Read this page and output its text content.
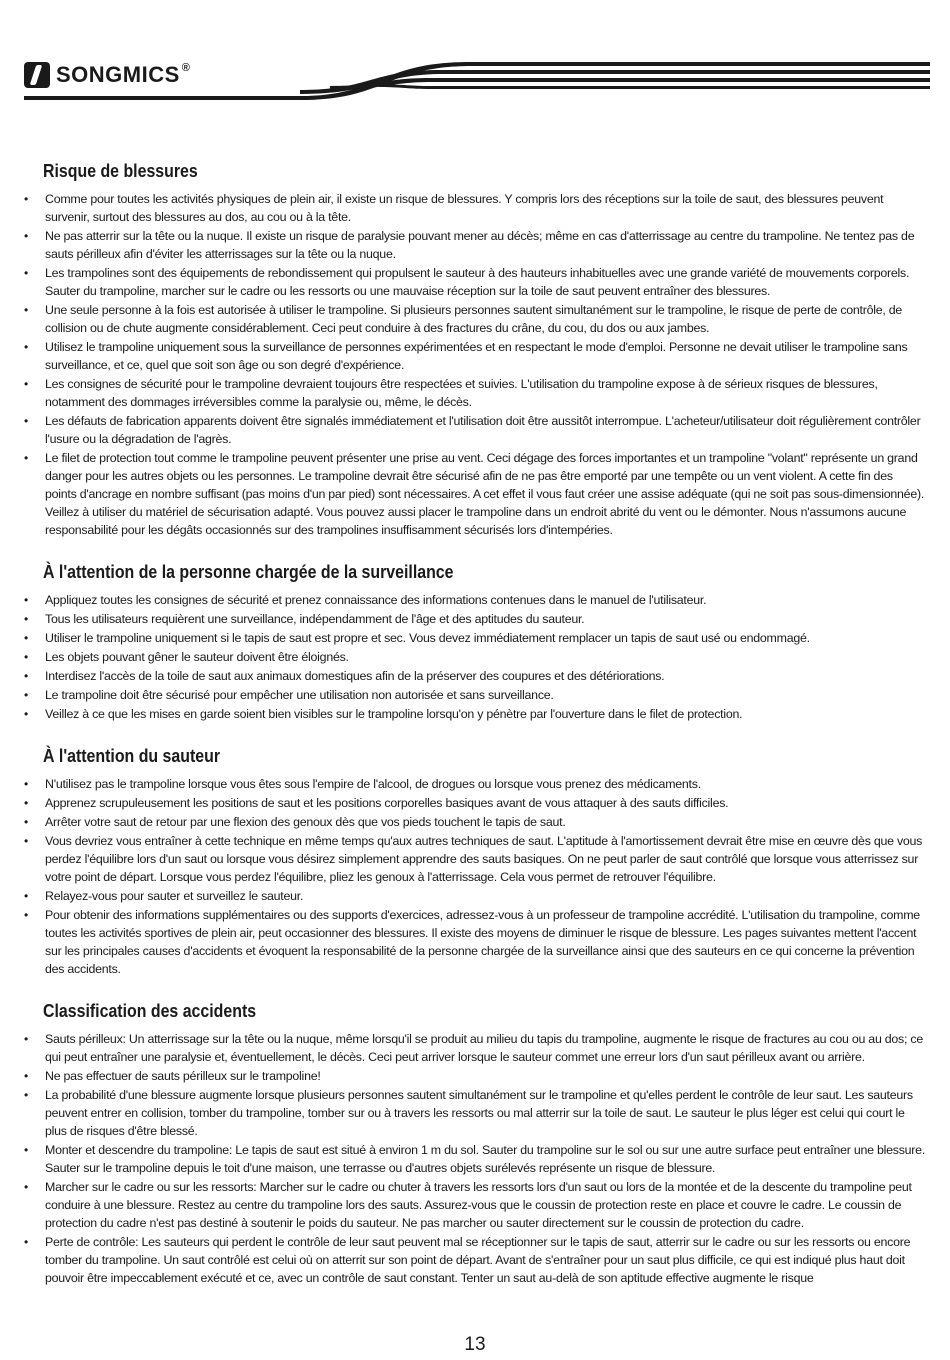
SONGMICS ®
Risque de blessures
• Comme pour toutes les activités physiques de plein air, il existe un risque de blessures. Y compris lors des réceptions sur la toile de saut, des blessures peuvent survenir, surtout des blessures au dos, au cou ou à la tête.
• Ne pas atterrir sur la tête ou la nuque. Il existe un risque de paralysie pouvant mener au décès; même en cas d'atterrissage au centre du trampoline. Ne tentez pas de sauts périlleux afin d'éviter les atterrissages sur la tête ou la nuque.
• Les trampolines sont des équipements de rebondissement qui propulsent le sauteur à des hauteurs inhabituelles avec une grande variété de mouvements corporels. Sauter du trampoline, marcher sur le cadre ou les ressorts ou une mauvaise réception sur la toile de saut peuvent entraîner des blessures.
• Une seule personne à la fois est autorisée à utiliser le trampoline. Si plusieurs personnes sautent simultanément sur le trampoline, le risque de perte de contrôle, de collision ou de chute augmente considérablement. Ceci peut conduire à des fractures du crâne, du cou, du dos ou aux jambes.
• Utilisez le trampoline uniquement sous la surveillance de personnes expérimentées et en respectant le mode d'emploi. Personne ne devait utiliser le trampoline sans surveillance, et ce, quel que soit son âge ou son degré d'expérience.
• Les consignes de sécurité pour le trampoline devraient toujours être respectées et suivies. L'utilisation du trampoline expose à de sérieux risques de blessures, notamment des dommages irréversibles comme la paralysie ou, même, le décès.
• Les défauts de fabrication apparents doivent être signalés immédiatement et l'utilisation doit être aussitôt interrompue. L'acheteur/utilisateur doit régulièrement contrôler l'usure ou la dégradation de l'agrès.
• Le filet de protection tout comme le trampoline peuvent présenter une prise au vent. Ceci dégage des forces importantes et un trampoline "volant" représente un grand danger pour les autres objets ou les personnes. Le trampoline devrait être sécurisé afin de ne pas être emporté par une tempête ou un vent violent. A cette fin des points d'ancrage en nombre suffisant (pas moins d'un par pied) sont nécessaires. A cet effet il vous faut créer une assise adéquate (qui ne soit pas sous-dimensionnée). Veillez à utiliser du matériel de sécurisation adapté. Vous pouvez aussi placer le trampoline dans un endroit abrité du vent ou le démonter. Nous n'assumons aucune responsabilité pour les dégâts occasionnés sur des trampolines insuffisamment sécurisés lors d'intempéries.
À l'attention de la personne chargée de la surveillance
• Appliquez toutes les consignes de sécurité et prenez connaissance des informations contenues dans le manuel de l'utilisateur.
• Tous les utilisateurs requièrent une surveillance, indépendamment de l'âge et des aptitudes du sauteur.
• Utiliser le trampoline uniquement si le tapis de saut est propre et sec. Vous devez immédiatement remplacer un tapis de saut usé ou endommagé.
• Les objets pouvant gêner le sauteur doivent être éloignés.
• Interdisez l'accès de la toile de saut aux animaux domestiques afin de la préserver des coupures et des détériorations.
• Le trampoline doit être sécurisé pour empêcher une utilisation non autorisée et sans surveillance.
• Veillez à ce que les mises en garde soient bien visibles sur le trampoline lorsqu'on y pénètre par l'ouverture dans le filet de protection.
À l'attention du sauteur
• N'utilisez pas le trampoline lorsque vous êtes sous l'empire de l'alcool, de drogues ou lorsque vous prenez des médicaments.
• Apprenez scrupuleusement les positions de saut et les positions corporelles basiques avant de vous attaquer à des sauts difficiles.
• Arrêter votre saut de retour par une flexion des genoux dès que vos pieds touchent le tapis de saut.
• Vous devriez vous entraîner à cette technique en même temps qu'aux autres techniques de saut. L'aptitude à l'amortissement devrait être mise en œuvre dès que vous perdez l'équilibre lors d'un saut ou lorsque vous désirez simplement apprendre des sauts basiques. On ne peut parler de saut contrôlé que lorsque vous atterrissez sur votre point de départ. Lorsque vous perdez l'équilibre, pliez les genoux à l'atterrissage. Cela vous permet de retrouver l'équilibre.
• Relayez-vous pour sauter et surveillez le sauteur.
• Pour obtenir des informations supplémentaires ou des supports d'exercices, adressez-vous à un professeur de trampoline accrédité. L'utilisation du trampoline, comme toutes les activités sportives de plein air, peut occasionner des blessures. Il existe des moyens de diminuer le risque de blessure. Les pages suivantes mettent l'accent sur les principales causes d'accidents et évoquent la responsabilité de la personne chargée de la surveillance ainsi que des sauteurs en ce qui concerne la prévention des accidents.
Classification des accidents
• Sauts périlleux: Un atterrissage sur la tête ou la nuque, même lorsqu'il se produit au milieu du tapis du trampoline, augmente le risque de fractures au cou ou au dos; ce qui peut entraîner une paralysie et, éventuellement, le décès. Ceci peut arriver lorsque le sauteur commet une erreur lors d'un saut périlleux avant ou arrière.
• Ne pas effectuer de sauts périlleux sur le trampoline!
• La probabilité d'une blessure augmente lorsque plusieurs personnes sautent simultanément sur le trampoline et qu'elles perdent le contrôle de leur saut. Les sauteurs peuvent entrer en collision, tomber du trampoline, tomber sur ou à travers les ressorts ou mal atterrir sur la toile de saut. Le sauteur le plus léger est celui qui court le plus de risques d'être blessé.
• Monter et descendre du trampoline: Le tapis de saut est situé à environ 1 m du sol. Sauter du trampoline sur le sol ou sur une autre surface peut entraîner une blessure. Sauter sur le trampoline depuis le toit d'une maison, une terrasse ou d'autres objets surélevés représente un risque de blessure.
• Marcher sur le cadre ou sur les ressorts: Marcher sur le cadre ou chuter à travers les ressorts lors d'un saut ou lors de la montée et de la descente du trampoline peut conduire à une blessure. Restez au centre du trampoline lors des sauts. Assurez-vous que le coussin de protection reste en place et couvre le cadre. Le coussin de protection du cadre n'est pas destiné à soutenir le poids du sauteur. Ne pas marcher ou sauter directement sur le coussin de protection du cadre.
• Perte de contrôle: Les sauteurs qui perdent le contrôle de leur saut peuvent mal se réceptionner sur le tapis de saut, atterrir sur le cadre ou sur les ressorts ou encore tomber du trampoline. Un saut contrôlé est celui où on atterrit sur son point de départ. Avant de s'entraîner pour un saut plus difficile, ce qui est indiqué plus haut doit pouvoir être impeccablement exécuté et ce, avec un contrôle de saut constant. Tenter un saut au-delà de son aptitude effective augmente le risque
13
